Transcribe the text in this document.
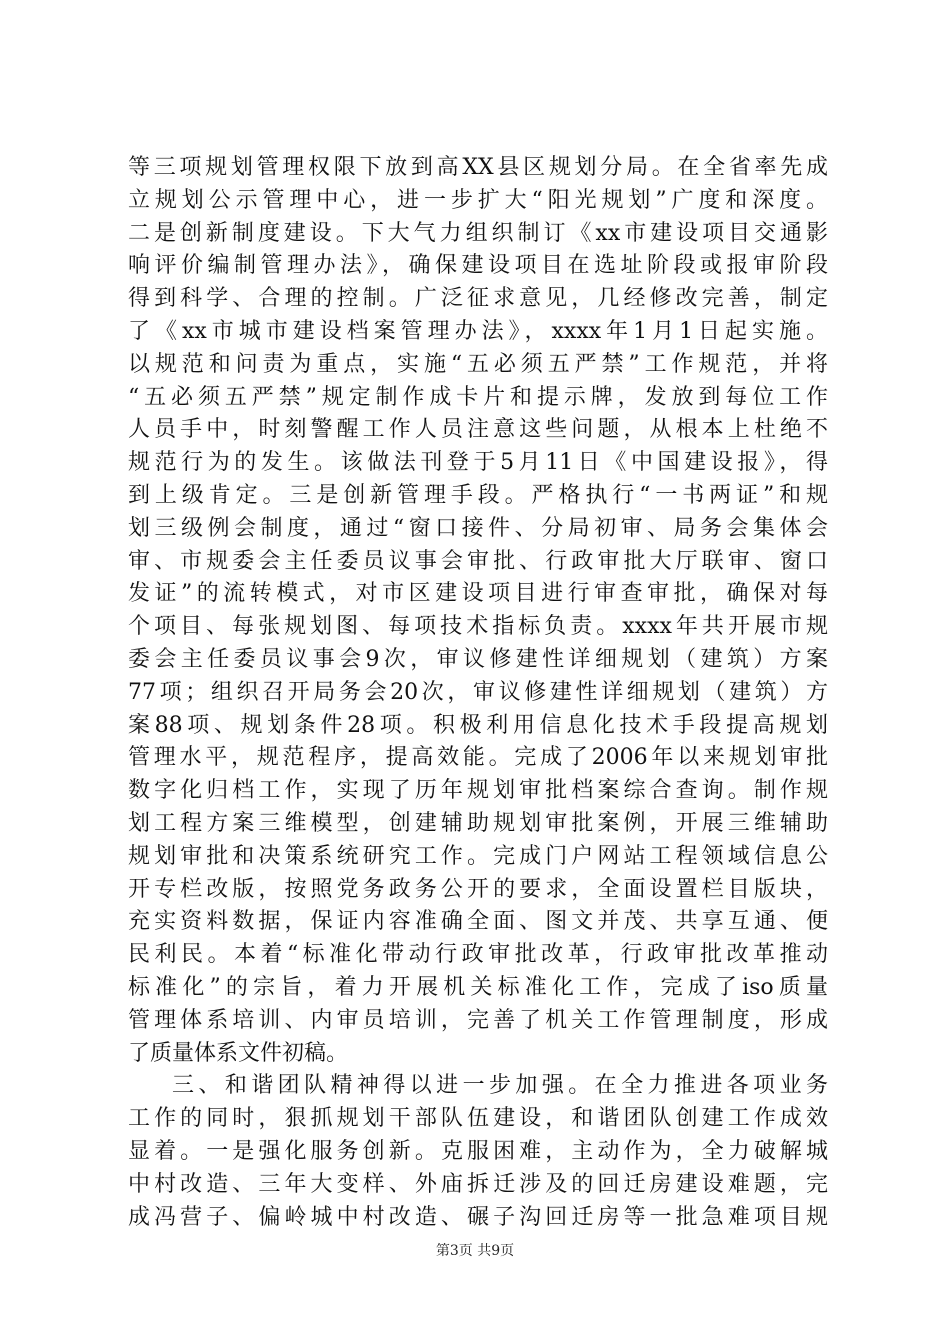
等三项规划管理权限下放到高XX县区规划分局。在全省率先成
立规划公示管理中心，进一步扩大“阳光规划”广度和深度。
二是创新制度建设。下大气力组织制订《xx市建设项目交通影
响评价编制管理办法》，确保建设项目在选址阶段或报审阶段
得到科学、合理的控制。广泛征求意见，几经修改完善，制定
了《xx市城市建设档案管理办法》，xxxx年1月1日起实施。
以规范和问责为重点，实施“五必须五严禁”工作规范，并将
“五必须五严禁”规定制作成卡片和提示牌，发放到每位工作
人员手中，时刻警醒工作人员注意这些问题，从根本上杜绝不
规范行为的发生。该做法刊登于5月11日《中国建设报》，得
到上级肯定。三是创新管理手段。严格执行“一书两证”和规
划三级例会制度，通过“窗口接件、分局初审、局务会集体会
审、市规委会主任委员议事会审批、行政审批大厅联审、窗口
发证”的流转模式，对市区建设项目进行审查审批，确保对每
个项目、每张规划图、每项技术指标负责。xxxx年共开展市规
委会主任委员议事会9次，审议修建性详细规划（建筑）方案
77项；组织召开局务会20次，审议修建性详细规划（建筑）方
案88项、规划条件28项。积极利用信息化技术手段提高规划
管理水平，规范程序，提高效能。完成了2006年以来规划审批
数字化归档工作，实现了历年规划审批档案综合查询。制作规
划工程方案三维模型，创建辅助规划审批案例，开展三维辅助
规划审批和决策系统研究工作。完成门户网站工程领域信息公
开专栏改版，按照党务政务公开的要求，全面设置栏目版块，
充实资料数据，保证内容准确全面、图文并茂、共享互通、便
民利民。本着“标准化带动行政审批改革，行政审批改革推动
标准化”的宗旨，着力开展机关标准化工作，完成了iso质量
管理体系培训、内审员培训，完善了机关工作管理制度，形成
了质量体系文件初稿。
三、和谐团队精神得以进一步加强。在全力推进各项业务
工作的同时，狠抓规划干部队伍建设，和谐团队创建工作成效
显着。一是强化服务创新。克服困难，主动作为，全力破解城
中村改造、三年大变样、外庙拆迁涉及的回迁房建设难题，完
成冯营子、偏岭城中村改造、碾子沟回迁房等一批急难项目规
第3页 共9页
